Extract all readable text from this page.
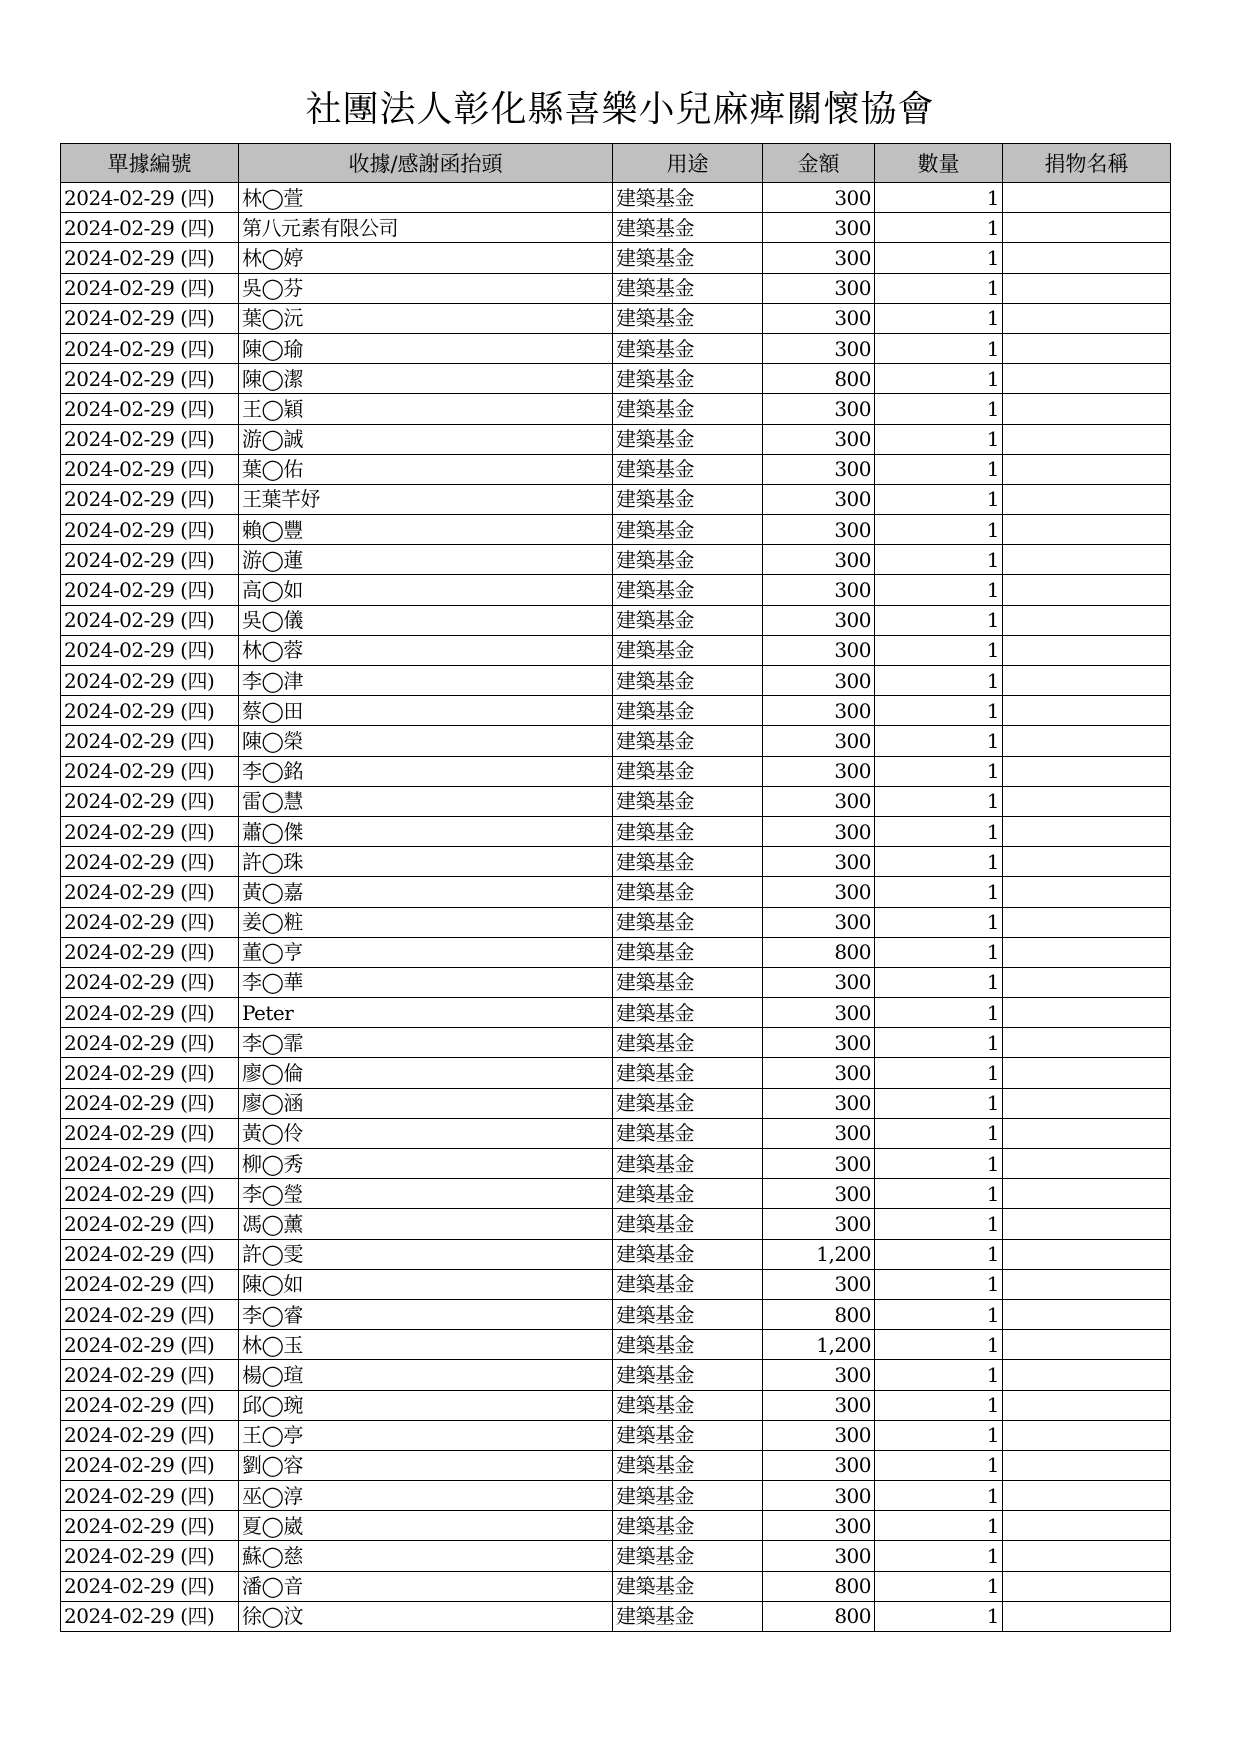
社團法人彰化縣喜樂小兒麻痺關懷協會
單據編號	收據/感謝函抬頭	用途	金額	數量	捐物名稱
2024-02-29 (四)	林◯萱	建築基金	300	1	
2024-02-29 (四)	第八元素有限公司	建築基金	300	1	
2024-02-29 (四)	林◯婷	建築基金	300	1	
2024-02-29 (四)	吳◯芬	建築基金	300	1	
2024-02-29 (四)	葉◯沅	建築基金	300	1	
2024-02-29 (四)	陳◯瑜	建築基金	300	1	
2024-02-29 (四)	陳◯潔	建築基金	800	1	
2024-02-29 (四)	王◯穎	建築基金	300	1	
2024-02-29 (四)	游◯誠	建築基金	300	1	
2024-02-29 (四)	葉◯佑	建築基金	300	1	
2024-02-29 (四)	王葉芊妤	建築基金	300	1	
2024-02-29 (四)	賴◯豐	建築基金	300	1	
2024-02-29 (四)	游◯蓮	建築基金	300	1	
2024-02-29 (四)	高◯如	建築基金	300	1	
2024-02-29 (四)	吳◯儀	建築基金	300	1	
2024-02-29 (四)	林◯蓉	建築基金	300	1	
2024-02-29 (四)	李◯津	建築基金	300	1	
2024-02-29 (四)	蔡◯田	建築基金	300	1	
2024-02-29 (四)	陳◯榮	建築基金	300	1	
2024-02-29 (四)	李◯銘	建築基金	300	1	
2024-02-29 (四)	雷◯慧	建築基金	300	1	
2024-02-29 (四)	蕭◯傑	建築基金	300	1	
2024-02-29 (四)	許◯珠	建築基金	300	1	
2024-02-29 (四)	黃◯嘉	建築基金	300	1	
2024-02-29 (四)	姜◯粧	建築基金	300	1	
2024-02-29 (四)	董◯亨	建築基金	800	1	
2024-02-29 (四)	李◯華	建築基金	300	1	
2024-02-29 (四)	Peter	建築基金	300	1	
2024-02-29 (四)	李◯霏	建築基金	300	1	
2024-02-29 (四)	廖◯倫	建築基金	300	1	
2024-02-29 (四)	廖◯涵	建築基金	300	1	
2024-02-29 (四)	黃◯伶	建築基金	300	1	
2024-02-29 (四)	柳◯秀	建築基金	300	1	
2024-02-29 (四)	李◯瑩	建築基金	300	1	
2024-02-29 (四)	馮◯薰	建築基金	300	1	
2024-02-29 (四)	許◯雯	建築基金	1,200	1	
2024-02-29 (四)	陳◯如	建築基金	300	1	
2024-02-29 (四)	李◯睿	建築基金	800	1	
2024-02-29 (四)	林◯玉	建築基金	1,200	1	
2024-02-29 (四)	楊◯瑄	建築基金	300	1	
2024-02-29 (四)	邱◯琬	建築基金	300	1	
2024-02-29 (四)	王◯亭	建築基金	300	1	
2024-02-29 (四)	劉◯容	建築基金	300	1	
2024-02-29 (四)	巫◯淳	建築基金	300	1	
2024-02-29 (四)	夏◯崴	建築基金	300	1	
2024-02-29 (四)	蘇◯慈	建築基金	300	1	
2024-02-29 (四)	潘◯音	建築基金	800	1	
2024-02-29 (四)	徐◯汶	建築基金	800	1	
